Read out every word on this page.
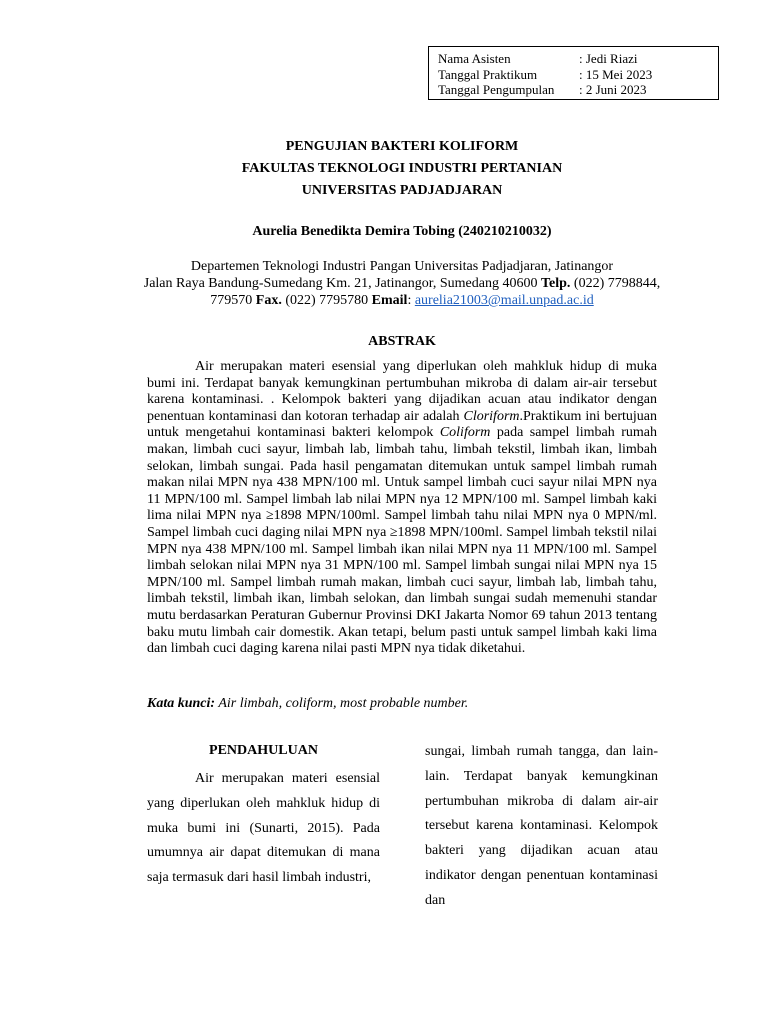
Nama Asisten	: Jedi Riazi
Tanggal Praktikum	: 15 Mei 2023
Tanggal Pengumpulan	: 2 Juni 2023
PENGUJIAN BAKTERI KOLIFORM
FAKULTAS TEKNOLOGI INDUSTRI PERTANIAN
UNIVERSITAS PADJADJARAN
Aurelia Benedikta Demira Tobing (240210210032)
Departemen Teknologi Industri Pangan Universitas Padjadjaran, Jatinangor
Jalan Raya Bandung-Sumedang Km. 21, Jatinangor, Sumedang 40600 Telp. (022) 7798844, 779570 Fax. (022) 7795780 Email: aurelia21003@mail.unpad.ac.id
ABSTRAK

Air merupakan materi esensial yang diperlukan oleh mahkluk hidup di muka bumi ini. Terdapat banyak kemungkinan pertumbuhan mikroba di dalam air-air tersebut karena kontaminasi. . Kelompok bakteri yang dijadikan acuan atau indikator dengan penentuan kontaminasi dan kotoran terhadap air adalah Cloriform.Praktikum ini bertujuan untuk mengetahui kontaminasi bakteri kelompok Coliform pada sampel limbah rumah makan, limbah cuci sayur, limbah lab, limbah tahu, limbah tekstil, limbah ikan, limbah selokan, limbah sungai. Pada hasil pengamatan ditemukan untuk sampel limbah rumah makan nilai MPN nya 438 MPN/100 ml. Untuk sampel limbah cuci sayur nilai MPN nya 11 MPN/100 ml. Sampel limbah lab nilai MPN nya 12 MPN/100 ml. Sampel limbah kaki lima nilai MPN nya ≥1898 MPN/100ml. Sampel limbah tahu nilai MPN nya 0 MPN/ml. Sampel limbah cuci daging nilai MPN nya ≥1898 MPN/100ml. Sampel limbah tekstil nilai MPN nya 438 MPN/100 ml. Sampel limbah ikan nilai MPN nya 11 MPN/100 ml. Sampel limbah selokan nilai MPN nya 31 MPN/100 ml. Sampel limbah sungai nilai MPN nya 15 MPN/100 ml. Sampel limbah rumah makan, limbah cuci sayur, limbah lab, limbah tahu, limbah tekstil, limbah ikan, limbah selokan, dan limbah sungai sudah memenuhi standar mutu berdasarkan Peraturan Gubernur Provinsi DKI Jakarta Nomor 69 tahun 2013 tentang baku mutu limbah cair domestik. Akan tetapi, belum pasti untuk sampel limbah kaki lima dan limbah cuci daging karena nilai pasti MPN nya tidak diketahui.

Kata kunci: Air limbah, coliform, most probable number.
PENDAHULUAN

Air merupakan materi esensial yang diperlukan oleh mahkluk hidup di muka bumi ini (Sunarti, 2015). Pada umumnya air dapat ditemukan di mana saja termasuk dari hasil limbah industri,

sungai, limbah rumah tangga, dan lain-lain. Terdapat banyak kemungkinan pertumbuhan mikroba di dalam air-air tersebut karena kontaminasi. Kelompok bakteri yang dijadikan acuan atau indikator dengan penentuan kontaminasi dan
